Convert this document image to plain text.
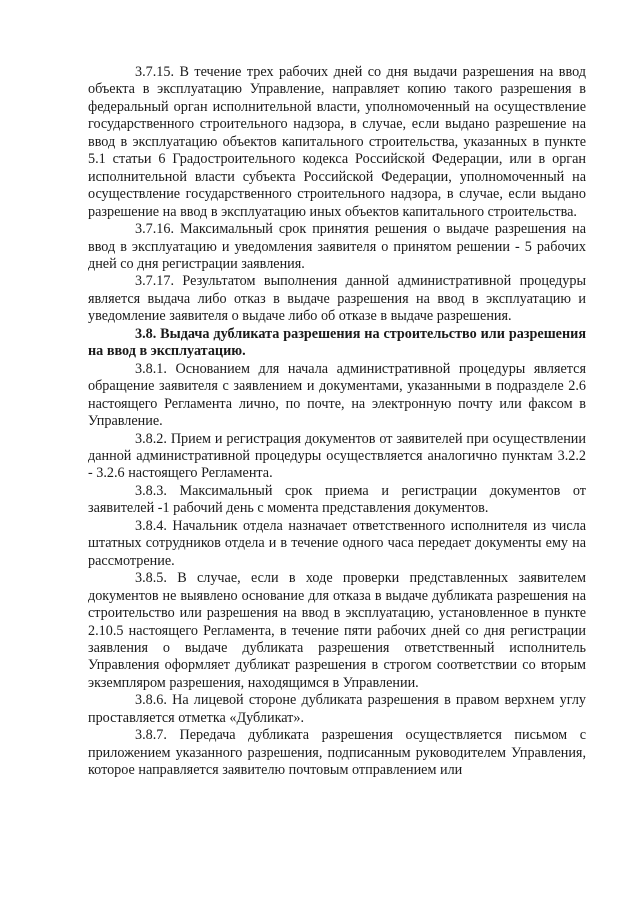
3.7.15. В течение трех рабочих дней со дня выдачи разрешения на ввод объекта в эксплуатацию Управление, направляет копию такого разрешения в федеральный орган исполнительной власти, уполномоченный на осуществление государственного строительного надзора, в случае, если выдано разрешение на ввод в эксплуатацию объектов капитального строительства, указанных в пункте 5.1 статьи 6 Градостроительного кодекса Российской Федерации, или в орган исполнительной власти субъекта Российской Федерации, уполномоченный на осуществление государственного строительного надзора, в случае, если выдано разрешение на ввод в эксплуатацию иных объектов капитального строительства.

3.7.16. Максимальный срок принятия решения о выдаче разрешения на ввод в эксплуатацию и уведомления заявителя о принятом решении - 5 рабочих дней со дня регистрации заявления.

3.7.17. Результатом выполнения данной административной процедуры является выдача либо отказ в выдаче разрешения на ввод в эксплуатацию и уведомление заявителя о выдаче либо об отказе в выдаче разрешения.

3.8. Выдача дубликата разрешения на строительство или разрешения на ввод в эксплуатацию.

3.8.1. Основанием для начала административной процедуры является обращение заявителя с заявлением и документами, указанными в подразделе 2.6 настоящего Регламента лично, по почте, на электронную почту или факсом в Управление.

3.8.2. Прием и регистрация документов от заявителей при осуществлении данной административной процедуры осуществляется аналогично пунктам 3.2.2 - 3.2.6 настоящего Регламента.

3.8.3. Максимальный срок приема и регистрации документов от заявителей -1 рабочий день с момента представления документов.

3.8.4. Начальник отдела назначает ответственного исполнителя из числа штатных сотрудников отдела и в течение одного часа передает документы ему на рассмотрение.

3.8.5. В случае, если в ходе проверки представленных заявителем документов не выявлено основание для отказа в выдаче дубликата разрешения на строительство или разрешения на ввод в эксплуатацию, установленное в пункте 2.10.5 настоящего Регламента, в течение пяти рабочих дней со дня регистрации заявления о выдаче дубликата разрешения ответственный исполнитель Управления оформляет дубликат разрешения в строгом соответствии со вторым экземпляром разрешения, находящимся в Управлении.

3.8.6. На лицевой стороне дубликата разрешения в правом верхнем углу проставляется отметка «Дубликат».

3.8.7. Передача дубликата разрешения осуществляется письмом с приложением указанного разрешения, подписанным руководителем Управления, которое направляется заявителю почтовым отправлением или
